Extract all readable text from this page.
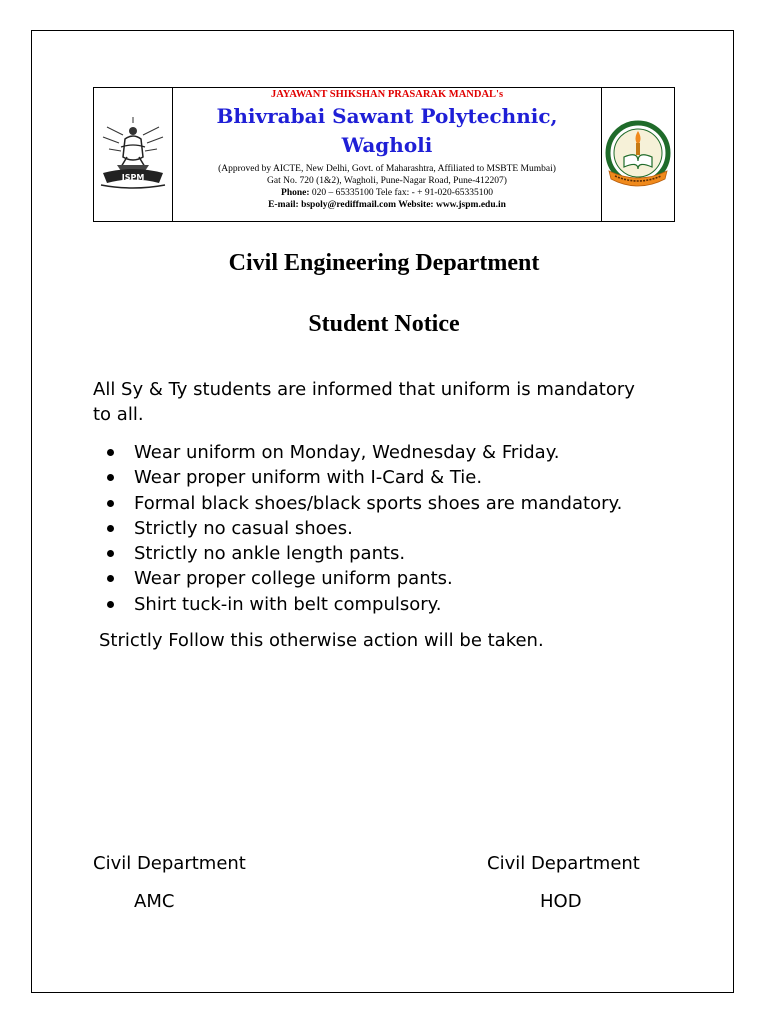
JSPM
JAYAWANT SHIKSHAN PRASARAK MANDAL's
Bhivrabai Sawant Polytechnic,
Wagholi
(Approved by AICTE, New Delhi, Govt. of Maharashtra, Affiliated to MSBTE Mumbai)
Gat No. 720 (1&2), Wagholi, Pune-Nagar Road, Pune-412207)
Phone: 020 – 65335100 Tele fax: - + 91-020-65335100
E-mail: bspoly@rediffmail.com Website: www.jspm.edu.in
Civil Engineering Department
Student Notice
All Sy & Ty students are informed that uniform is mandatory
to all.
Wear uniform on Monday, Wednesday & Friday.
Wear proper uniform with I-Card & Tie.
Formal black shoes/black sports shoes are mandatory.
Strictly no casual shoes.
Strictly no ankle length pants.
Wear proper college uniform pants.
Shirt tuck-in with belt compulsory.
Strictly Follow this otherwise action will be taken.
Civil Department
AMC
Civil Department
HOD
